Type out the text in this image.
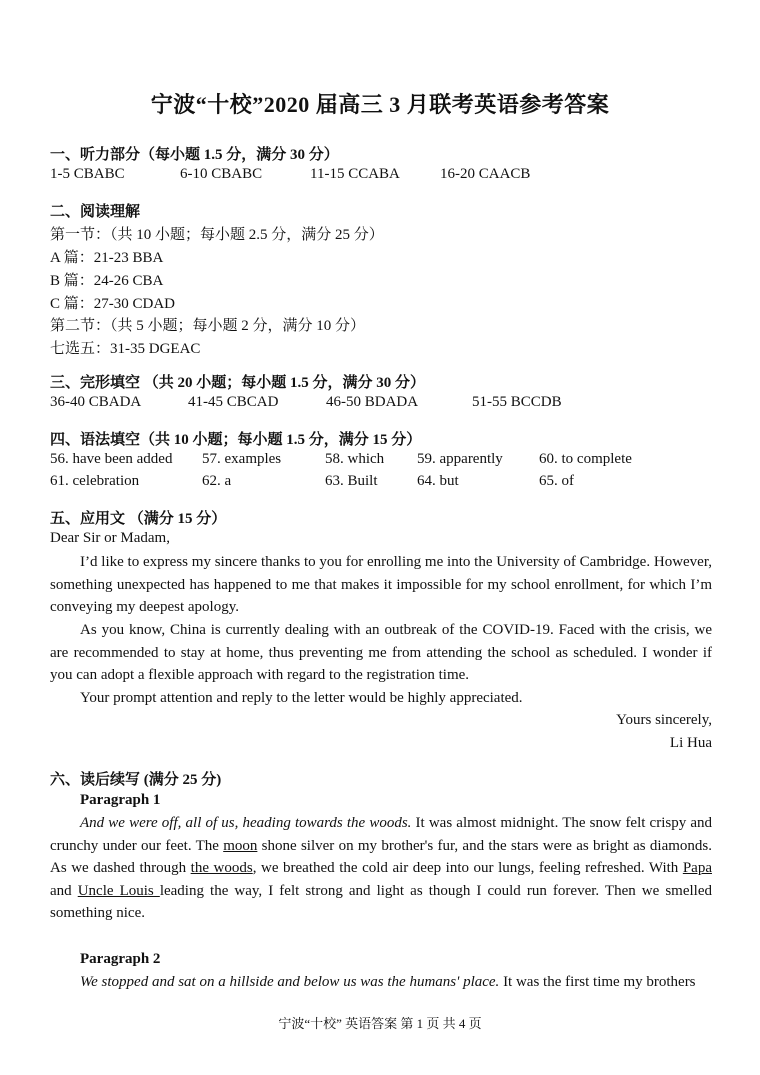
宁波“十校”2020 届高三 3 月联考英语参考答案
一、听力部分（每小题 1.5 分，满分 30 分）
1-5 CBABC	6-10 CBABC	11-15 CCABA	16-20 CAACB
二、阅读理解
第一节：（共 10 小题；每小题 2.5 分，满分 25 分）
A 篇：21-23 BBA
B 篇：24-26 CBA
C 篇：27-30 CDAD
第二节：（共 5 小题；每小题 2 分，满分 10 分）
七选五：31-35 DGEAC
三、完形填空 （共 20 小题；每小题 1.5 分，满分 30 分）
36-40 CBADA	41-45 CBCAD	46-50 BDADA	51-55 BCCDB
四、语法填空（共 10 小题；每小题 1.5 分，满分 15 分）
56. have been added 57. examples	58. which 59. apparently 60. to complete
61. celebration	62. a	63. Built	64. but	65. of
五、应用文 （满分 15 分）
Dear Sir or Madam,
I’d like to express my sincere thanks to you for enrolling me into the University of Cambridge. However, something unexpected has happened to me that makes it impossible for my school enrollment, for which I’m conveying my deepest apology.
As you know, China is currently dealing with an outbreak of the COVID-19. Faced with the crisis, we are recommended to stay at home, thus preventing me from attending the school as scheduled. I wonder if you can adopt a flexible approach with regard to the registration time.
Your prompt attention and reply to the letter would be highly appreciated.
Yours sincerely,
Li Hua
六、读后续写 (满分 25 分)
Paragraph 1
And we were off, all of us, heading towards the woods. It was almost midnight. The snow felt crispy and crunchy under our feet. The moon shone silver on my brother's fur, and the stars were as bright as diamonds. As we dashed through the woods, we breathed the cold air deep into our lungs, feeling refreshed. With Papa and Uncle Louis leading the way, I felt strong and light as though I could run forever. Then we smelled something nice.
Paragraph 2
We stopped and sat on a hillside and below us was the humans' place. It was the first time my brothers
宁波“十校” 英语答案 第 1 页 共 4 页
